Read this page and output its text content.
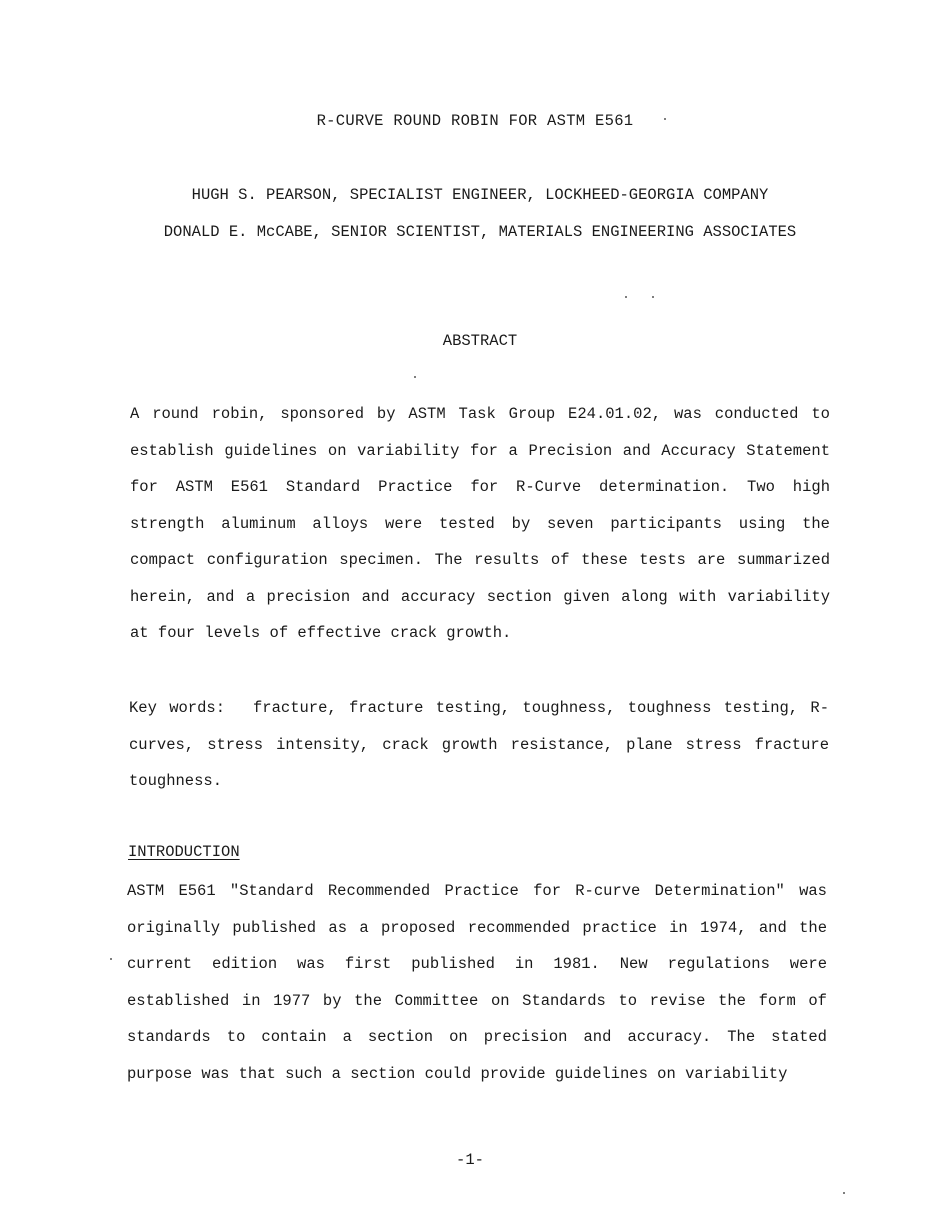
R-CURVE ROUND ROBIN FOR ASTM E561
HUGH S. PEARSON, SPECIALIST ENGINEER, LOCKHEED-GEORGIA COMPANY
DONALD E. McCABE, SENIOR SCIENTIST, MATERIALS ENGINEERING ASSOCIATES
ABSTRACT
A round robin, sponsored by ASTM Task Group E24.01.02, was conducted to establish guidelines on variability for a Precision and Accuracy Statement for ASTM E561 Standard Practice for R-Curve determination. Two high strength aluminum alloys were tested by seven participants using the compact configuration specimen. The results of these tests are summarized herein, and a precision and accuracy section given along with variability at four levels of effective crack growth.
Key words: fracture, fracture testing, toughness, toughness testing, R-curves, stress intensity, crack growth resistance, plane stress fracture toughness.
INTRODUCTION
ASTM E561 "Standard Recommended Practice for R-curve Determination" was originally published as a proposed recommended practice in 1974, and the current edition was first published in 1981. New regulations were established in 1977 by the Committee on Standards to revise the form of standards to contain a section on precision and accuracy. The stated purpose was that such a section could provide guidelines on variability
-1-
